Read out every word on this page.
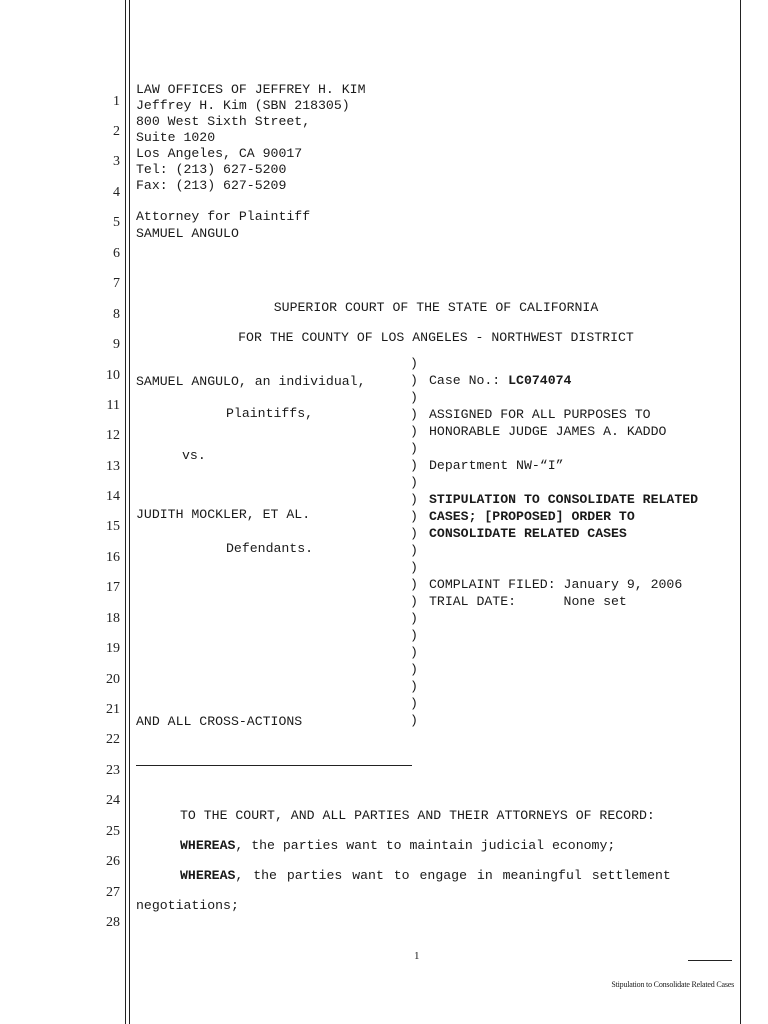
1
2
3
4
5
6
7
8
9
10
11
12
13
14
15
16
17
18
19
20
21
22
23
24
25
26
27
28
LAW OFFICES OF JEFFREY H. KIM
Jeffrey H. Kim (SBN 218305)
800 West Sixth Street,
Suite 1020
Los Angeles, CA 90017
Tel: (213) 627-5200
Fax: (213) 627-5209
Attorney for Plaintiff
SAMUEL ANGULO
SUPERIOR COURT OF THE STATE OF CALIFORNIA
FOR THE COUNTY OF LOS ANGELES - NORTHWEST DISTRICT
SAMUEL ANGULO, an individual,
Plaintiffs,
vs.
JUDITH MOCKLER, ET AL.
Defendants.
AND ALL CROSS-ACTIONS
)
)
)
)
)
)
)
)
)
)
)
)
)
)
)
)
)
)
)
)
)
)
Case No.: LC074074
ASSIGNED FOR ALL PURPOSES TO
HONORABLE JUDGE JAMES A. KADDO
Department NW-“I”
STIPULATION TO CONSOLIDATE RELATED
CASES; [PROPOSED] ORDER TO
CONSOLIDATE RELATED CASES
COMPLAINT FILED: January 9, 2006
TRIAL DATE:      None set
TO THE COURT, AND ALL PARTIES AND THEIR ATTORNEYS OF RECORD:
WHEREAS, the parties want to maintain judicial economy;
WHEREAS, the parties want to engage in meaningful settlement
negotiations;
1
Stipulation to Consolidate Related Cases
